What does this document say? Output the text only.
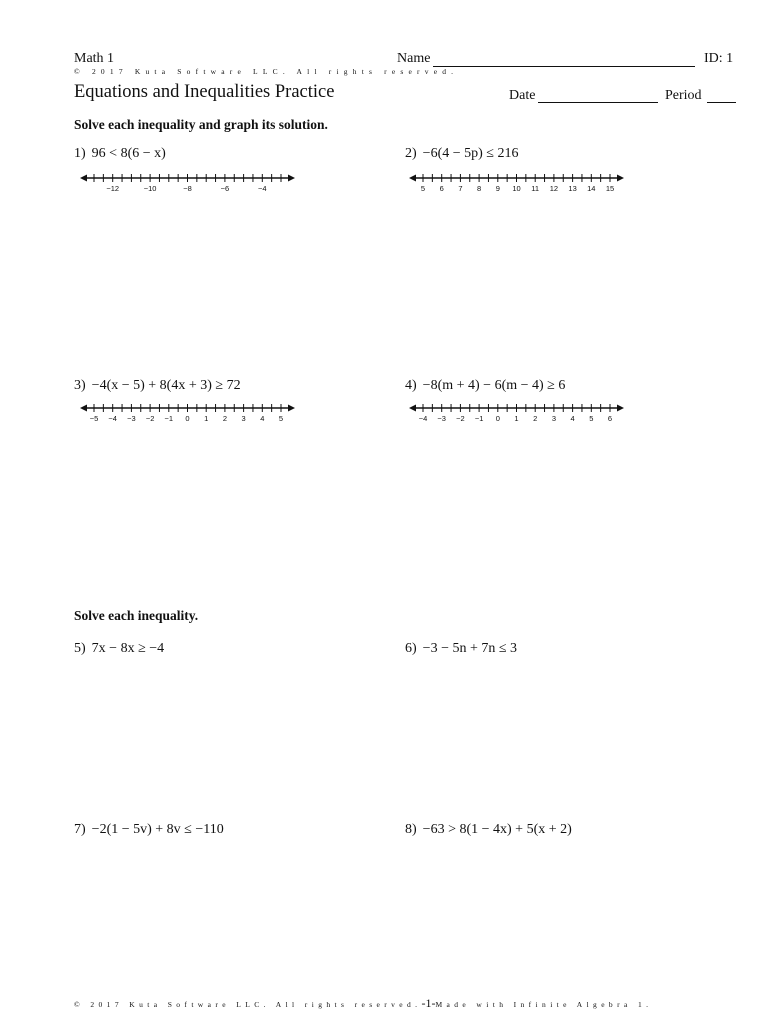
Math 1	Name	ID: 1
© 2017 Kuta Software LLC. All rights reserved.
Equations and Inequalities Practice	Date	Period
Solve each inequality and graph its solution.
1) 96 < 8(6 − x)	2) −6(4 − 5p) ≤ 216
−12	−10	−8	−6	−4	5 6 7 8 9 10 11 12 13 14 15
3) −4(x − 5) + 8(4x + 3) ≥ 72	4) −8(m + 4) − 6(m − 4) ≥ 6
−5 −4 −3 −2 −1 0 1 2 3 4 5	−4 −3 −2 −1 0 1 2 3 4 5 6
Solve each inequality.
5) 7x − 8x ≥ −4	6) −3 − 5n + 7n ≤ 3
7) −2(1 − 5v) + 8v ≤ −110	8) −63 > 8(1 − 4x) + 5(x + 2)
© 2017 Kuta Software LLC. All rights reserved.-1-Made with Infinite Algebra 1.
